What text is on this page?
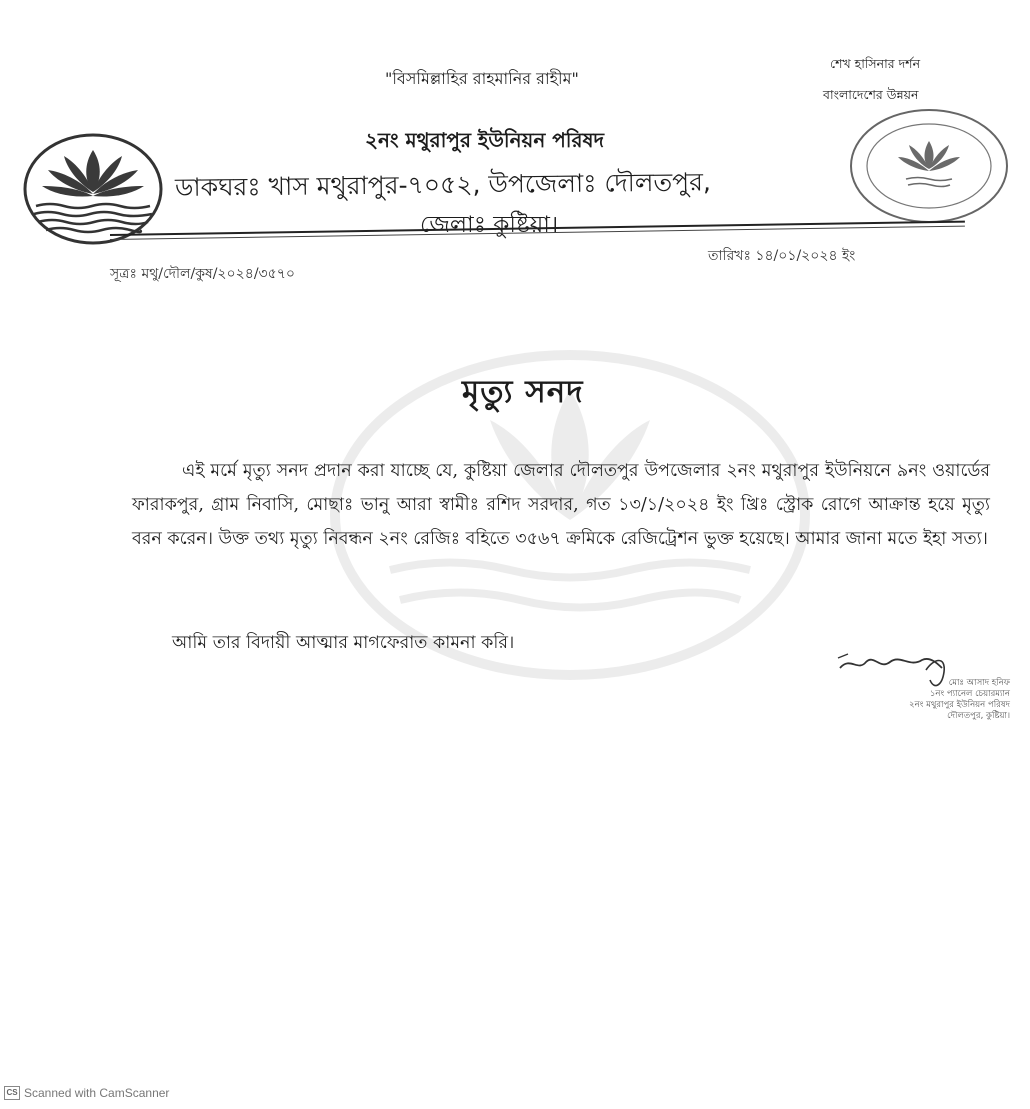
"বিসমিল্লাহির রাহমানির রাহীম"
শেখ হাসিনার দর্শন
বাংলাদেশের উন্নয়ন
২নং মথুরাপুর ইউনিয়ন পরিষদ
ডাকঘরঃ খাস মথুরাপুর-৭০৫২, উপজেলাঃ দৌলতপুর,
জেলাঃ কুষ্টিয়া।
সূত্রঃ মথু/দৌল/কুষ/২০২৪/৩৫৭০
তারিখঃ ১৪/০১/২০২৪ ইং
মৃত্যু সনদ

এই মর্মে মৃত্যু সনদ প্রদান করা যাচ্ছে যে, কুষ্টিয়া জেলার দৌলতপুর উপজেলার ২নং মথুরাপুর ইউনিয়নে ৯নং ওয়ার্ডের ফারাকপুর, গ্রাম নিবাসি, মোছাঃ ভানু আরা স্বামীঃ রশিদ সরদার, গত ১৩/১/২০২৪ ইং খ্রিঃ স্ট্রোক রোগে আক্রান্ত হয়ে মৃত্যু বরন করেন। উক্ত তথ্য মৃত্যু নিবন্ধন ২নং রেজিঃ বহিতে ৩৫৬৭ ক্রমিকে রেজিট্রেশন ভুক্ত হয়েছে। আমার জানা মতে ইহা সত্য।

আমি তার বিদায়ী আত্মার মাগফেরাত কামনা করি।
মোঃ আসাদ হনিফ
১নং প্যানেল চেয়ারম্যান
২নং মথুরাপুর ইউনিয়ন পরিষদ
দৌলতপুর, কুষ্টিয়া।
CS Scanned with CamScanner
